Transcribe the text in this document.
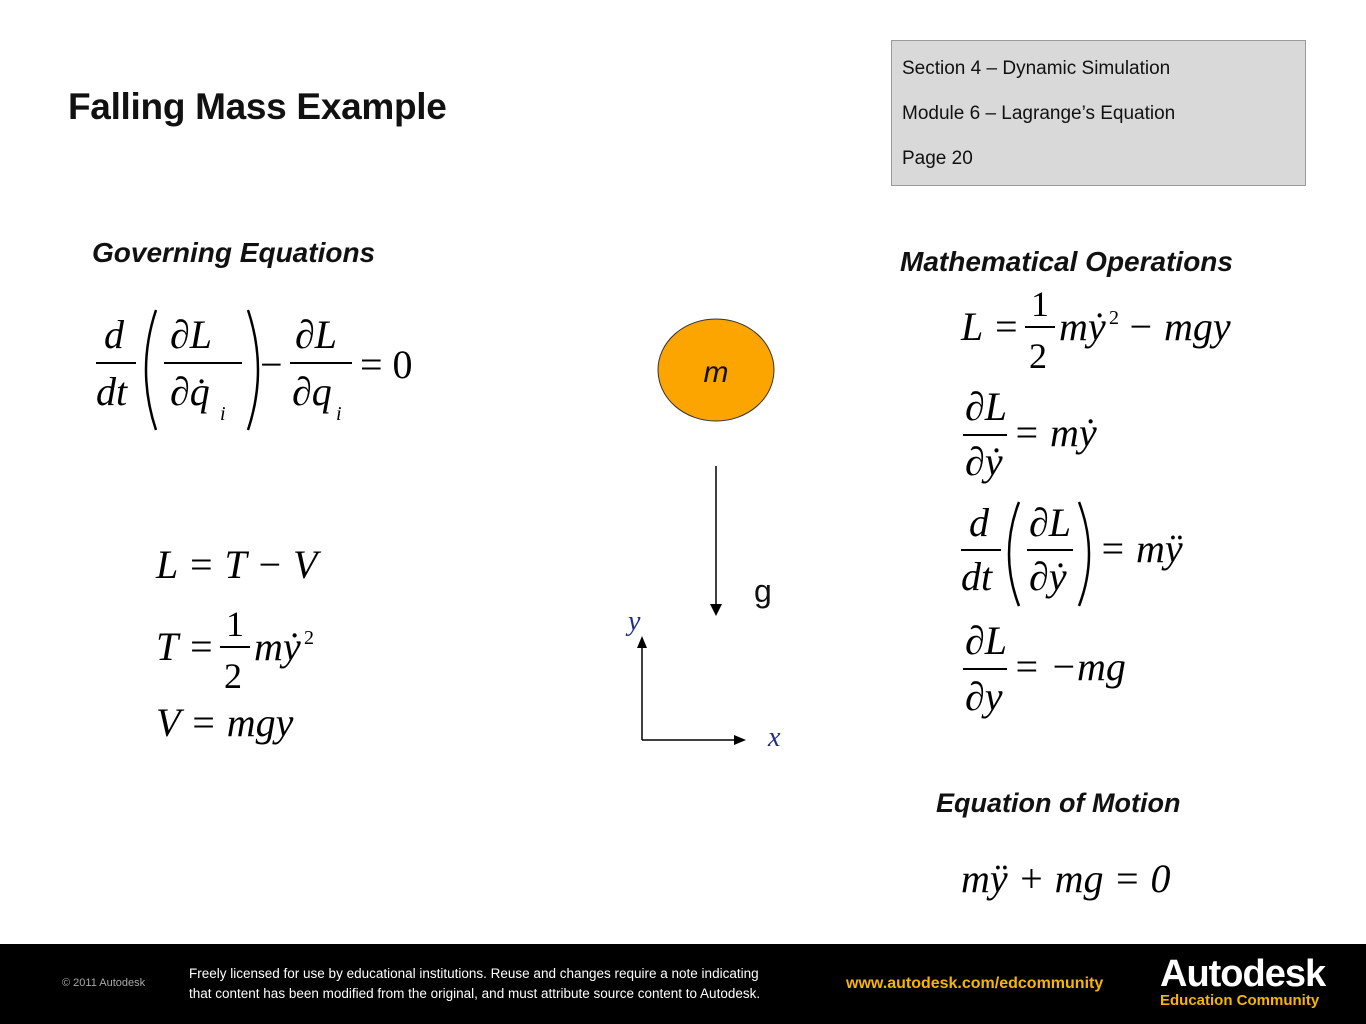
Falling Mass Example
Section 4 – Dynamic Simulation
Module 6 – Lagrange’s Equation
Page 20
Governing Equations	Mathematical Operations
Equation of Motion
d
dt
∂L
∂q̇ i
−
∂L
∂q i
= 0
L = T − V
T = 1
2
mẏ 2
V = mgy
m
g
y
x
L = 1
2
mẏ 2 − mgy
∂L
∂ẏ
= mẏ
d
dt
∂L
∂ẏ
= mÿ
∂L
∂y
= −mg
mÿ + mg = 0
© 2011 Autodesk
Freely licensed for use by educational institutions. Reuse and changes require a note indicating
that content has been modified from the original, and must attribute source content to Autodesk.
www.autodesk.com/edcommunity Autodesk
Education Community
